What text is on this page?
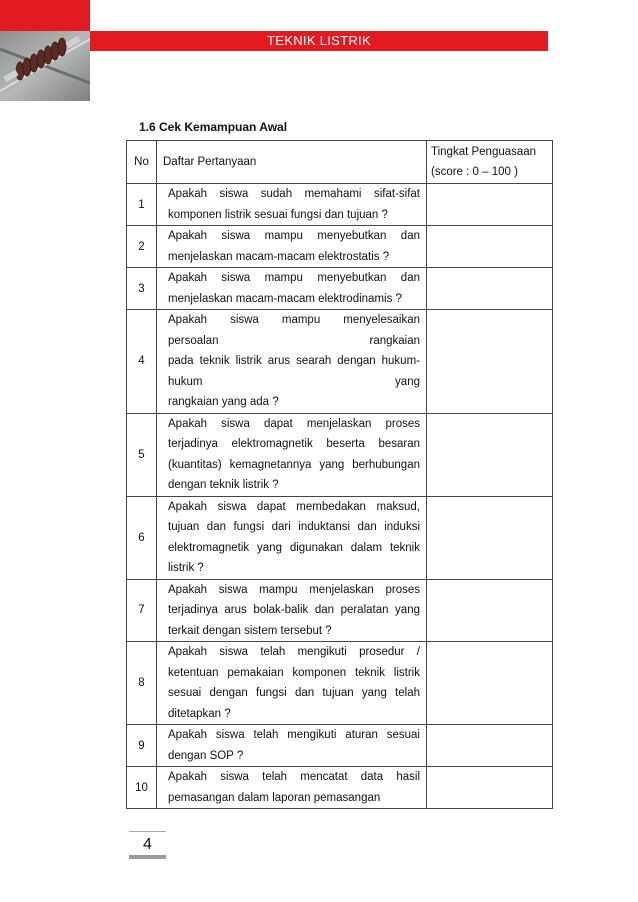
TEKNIK LISTRIK
1.6 Cek Kemampuan Awal
No	Daftar Pertanyaan	Tingkat Penguasaan
(score : 0 – 100 )

1	Apakah siswa sudah memahami sifat-sifat
komponen listrik sesuai fungsi dan tujuan ?	

2	Apakah siswa mampu menyebutkan dan
menjelaskan macam-macam elektrostatis ?	

3	Apakah siswa mampu menyebutkan dan
menjelaskan macam-macam elektrodinamis ?	

4	Apakah siswa mampu menyelesaikan
persoalan rangkaian
pada teknik listrik arus searah dengan hukum-
hukum yang
rangkaian yang ada ?	

5	Apakah siswa dapat menjelaskan proses
terjadinya elektromagnetik beserta besaran
(kuantitas) kemagnetannya yang berhubungan
dengan teknik listrik ?	

6	Apakah siswa dapat membedakan maksud,
tujuan dan fungsi dari induktansi dan induksi
elektromagnetik yang digunakan dalam teknik
listrik ?	

7	Apakah siswa mampu menjelaskan proses
terjadinya arus bolak-balik dan peralatan yang
terkait dengan sistem tersebut ?	

8	Apakah siswa telah mengikuti prosedur /
ketentuan pemakaian komponen teknik listrik
sesuai dengan fungsi dan tujuan yang telah
ditetapkan ?	

9	Apakah siswa telah mengikuti aturan sesuai
dengan SOP ?	

10	Apakah siswa telah mencatat data hasil
pemasangan dalam laporan pemasangan	

4
